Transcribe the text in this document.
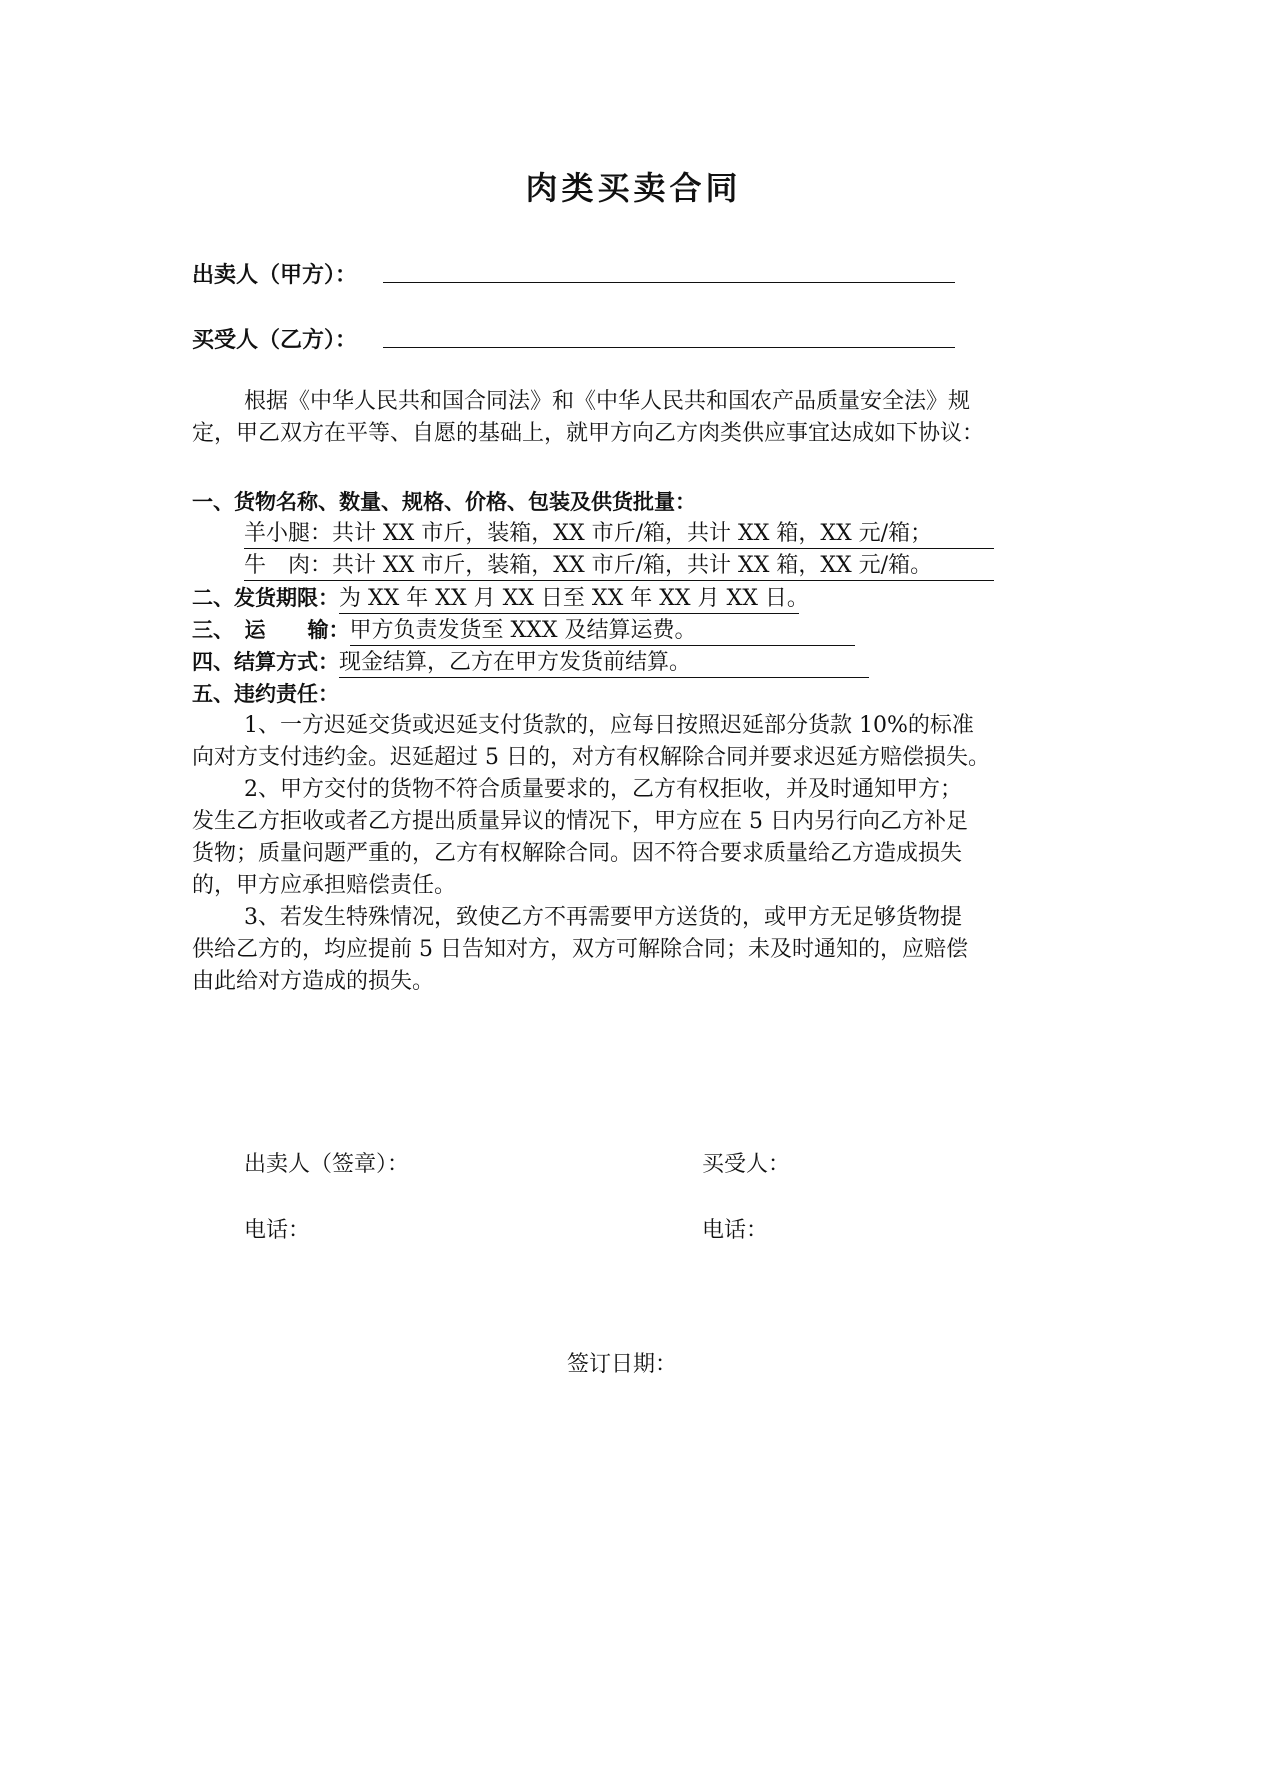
肉类买卖合同
出卖人（甲方）：
买受人（乙方）：
根据《中华人民共和国合同法》和《中华人民共和国农产品质量安全法》规
定，甲乙双方在平等、自愿的基础上，就甲方向乙方肉类供应事宜达成如下协议：
一、货物名称、数量、规格、价格、包装及供货批量：
羊小腿：共计 XX 市斤，装箱，XX 市斤/箱，共计 XX 箱，XX 元/箱；
牛　肉：共计 XX 市斤，装箱，XX 市斤/箱，共计 XX 箱，XX 元/箱。
二、发货期限：为 XX 年 XX 月 XX 日至 XX 年 XX 月 XX 日。
三、　运　　输：甲方负责发货至 XXX 及结算运费。
四、结算方式：现金结算，乙方在甲方发货前结算。
五、违约责任：
1、一方迟延交货或迟延支付货款的，应每日按照迟延部分货款 10%的标准
向对方支付违约金。迟延超过 5 日的，对方有权解除合同并要求迟延方赔偿损失。
2、甲方交付的货物不符合质量要求的，乙方有权拒收，并及时通知甲方；
发生乙方拒收或者乙方提出质量异议的情况下，甲方应在 5 日内另行向乙方补足
货物；质量问题严重的，乙方有权解除合同。因不符合要求质量给乙方造成损失
的，甲方应承担赔偿责任。
3、若发生特殊情况，致使乙方不再需要甲方送货的，或甲方无足够货物提
供给乙方的，均应提前 5 日告知对方，双方可解除合同；未及时通知的，应赔偿
由此给对方造成的损失。
出卖人（签章）：	买受人：
电话：	电话：
签订日期：
